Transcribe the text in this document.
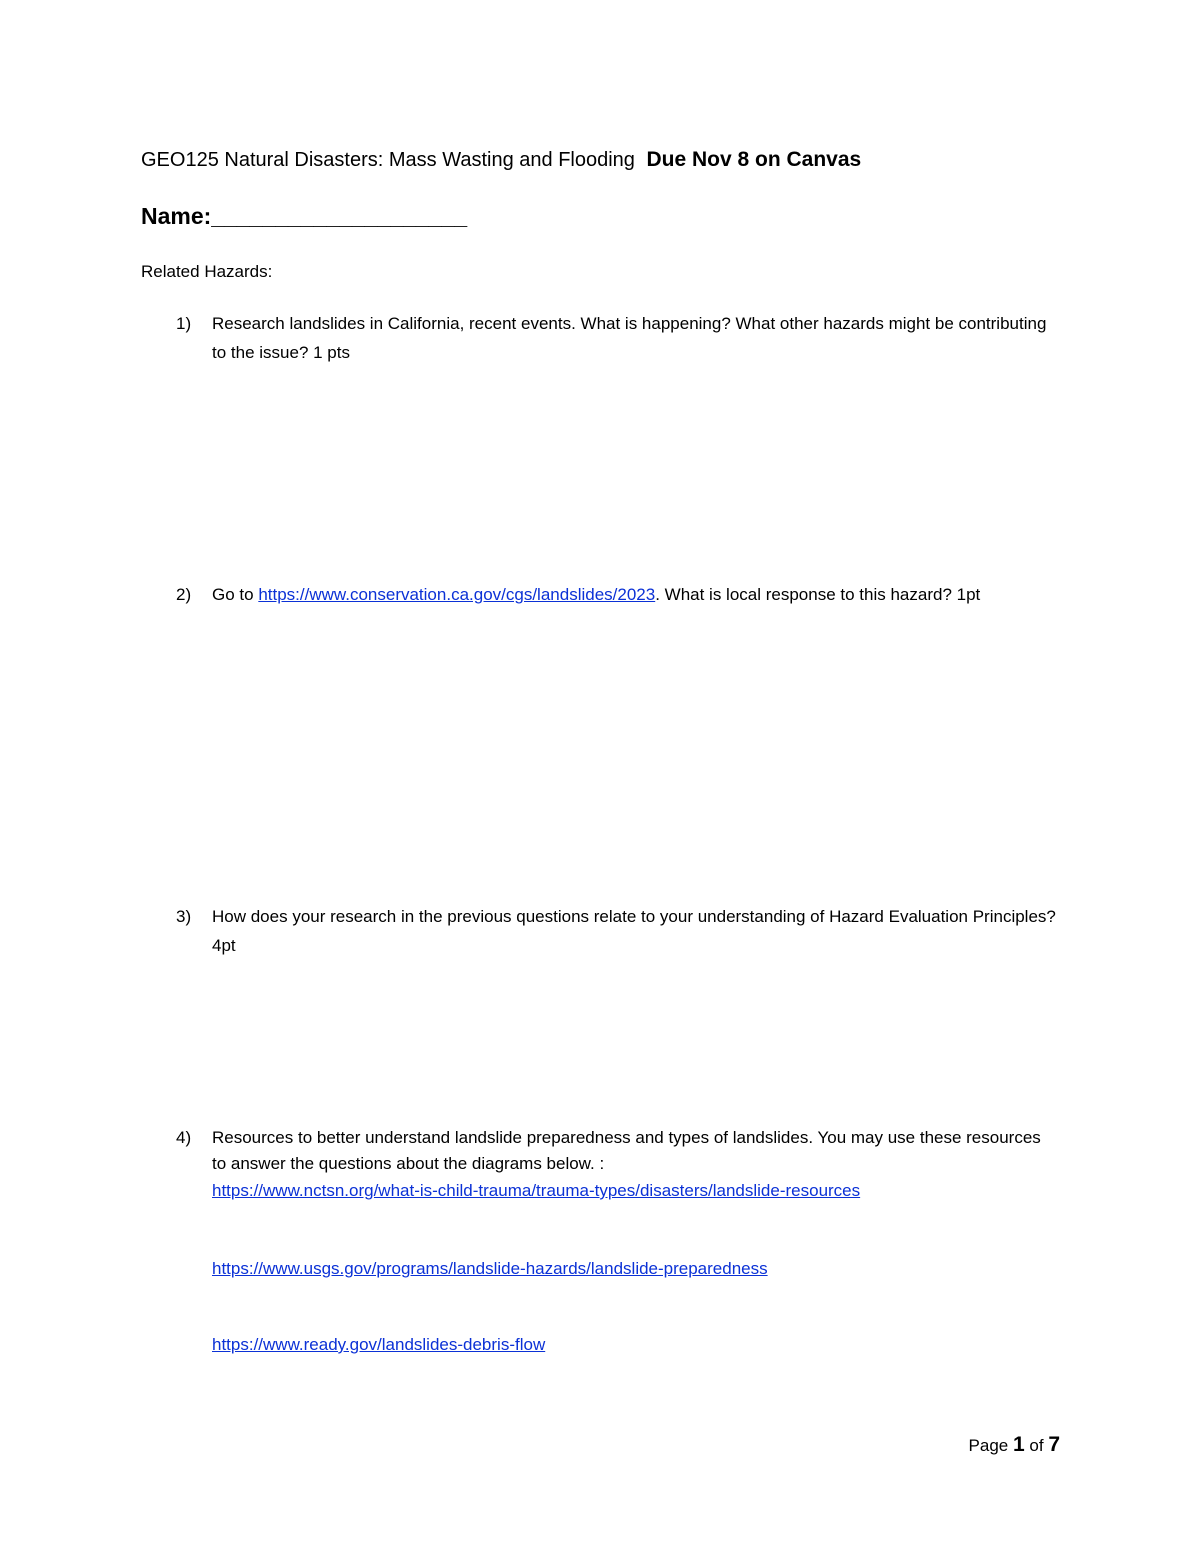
GEO125 Natural Disasters: Mass Wasting and Flooding Due Nov 8 on Canvas
Name:____________________
Related Hazards:
1) Research landslides in California, recent events. What is happening? What other hazards might be contributing to the issue? 1 pts
2) Go to https://www.conservation.ca.gov/cgs/landslides/2023. What is local response to this hazard? 1pt
3) How does your research in the previous questions relate to your understanding of Hazard Evaluation Principles? 4pt
4) Resources to better understand landslide preparedness and types of landslides. You may use these resources to answer the questions about the diagrams below. :
https://www.nctsn.org/what-is-child-trauma/trauma-types/disasters/landslide-resources
https://www.usgs.gov/programs/landslide-hazards/landslide-preparedness
https://www.ready.gov/landslides-debris-flow
Page 1 of 7
